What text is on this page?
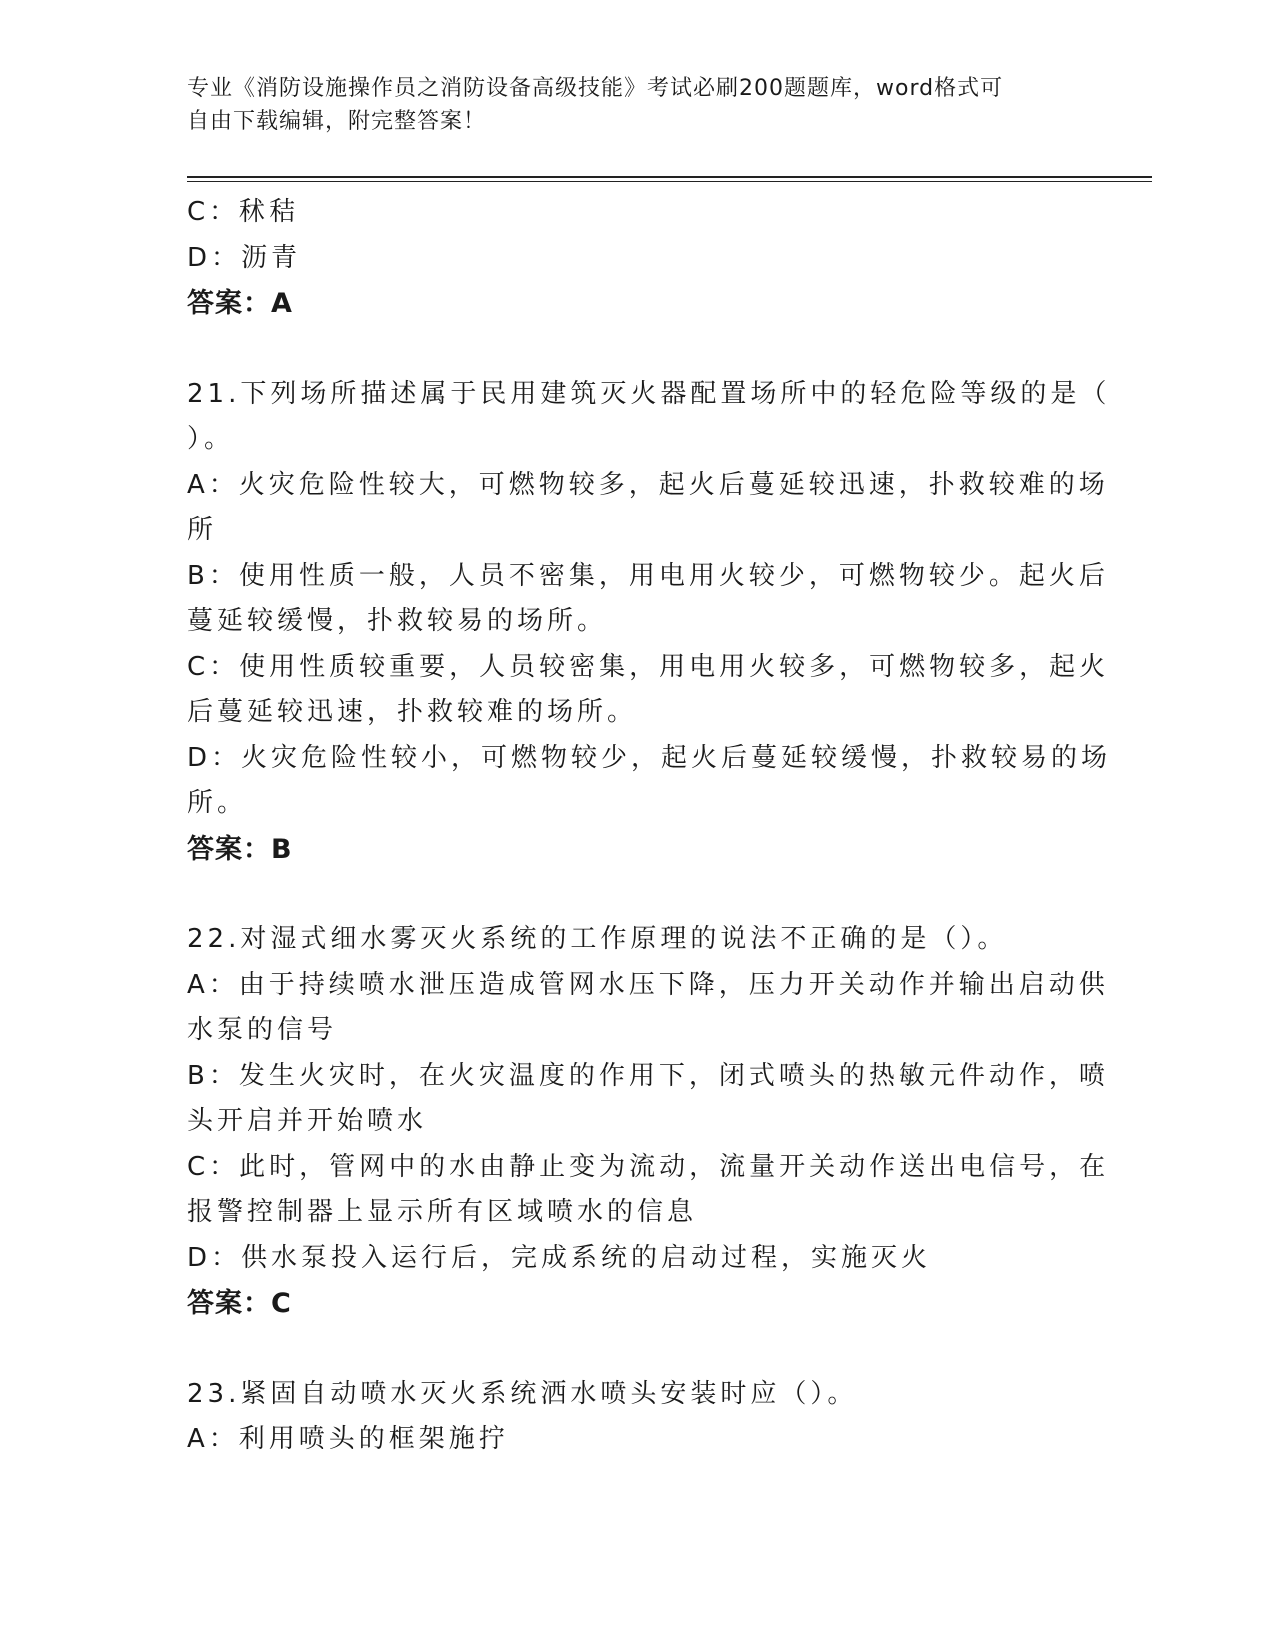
专业《消防设施操作员之消防设备高级技能》考试必刷200题题库，word格式可
自由下载编辑，附完整答案！
C：秫秸
D：沥青
答案：A
21.下列场所描述属于民用建筑灭火器配置场所中的轻危险等级的是（
）。
A：火灾危险性较大，可燃物较多，起火后蔓延较迅速，扑救较难的场
所
B：使用性质一般，人员不密集，用电用火较少，可燃物较少。起火后
蔓延较缓慢，扑救较易的场所。
C：使用性质较重要，人员较密集，用电用火较多，可燃物较多，起火
后蔓延较迅速，扑救较难的场所。
D：火灾危险性较小，可燃物较少，起火后蔓延较缓慢，扑救较易的场
所。
答案：B
22.对湿式细水雾灭火系统的工作原理的说法不正确的是（）。
A：由于持续喷水泄压造成管网水压下降，压力开关动作并输出启动供
水泵的信号
B：发生火灾时，在火灾温度的作用下，闭式喷头的热敏元件动作，喷
头开启并开始喷水
C：此时，管网中的水由静止变为流动，流量开关动作送出电信号，在
报警控制器上显示所有区域喷水的信息
D：供水泵投入运行后，完成系统的启动过程，实施灭火
答案：C
23.紧固自动喷水灭火系统洒水喷头安装时应（）。
A：利用喷头的框架施拧
